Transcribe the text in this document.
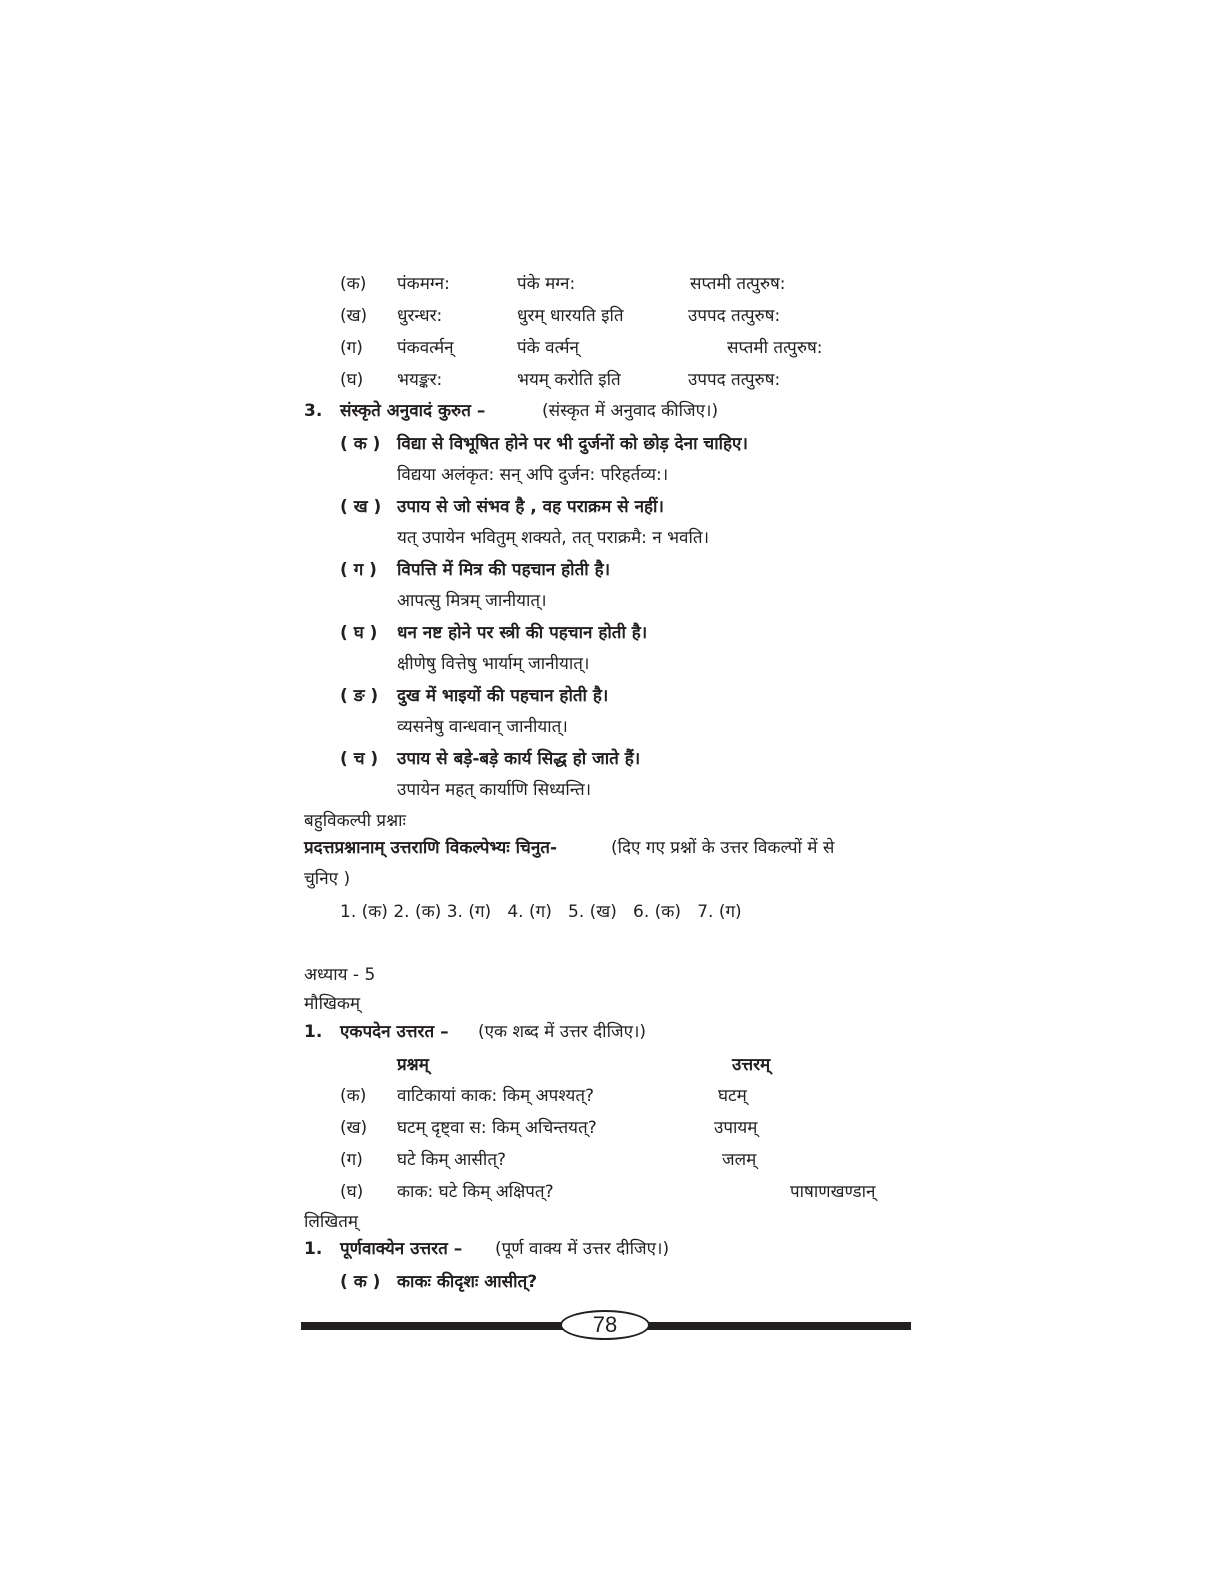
(क) पंकमग्न:	पंके मग्न:	सप्तमी तत्पुरुष:
(ख) धुरन्धर:	धुरम् धारयति इति	उपपद तत्पुरुष:
(ग) पंकवर्त्मन्	पंके वर्त्मन्	सप्तमी तत्पुरुष:
(घ) भयङ्कर:	भयम् करोति इति	उपपद तत्पुरुष:
3. संस्कृते अनुवादं कुरुत –	(संस्कृत में अनुवाद कीजिए।)
( क ) विद्या से विभूषित होने पर भी दुर्जनों को छोड़ देना चाहिए।
विद्यया अलंकृत: सन् अपि दुर्जन: परिहर्तव्य:।
( ख ) उपाय से जो संभव है , वह पराक्रम से नहीं।
यत् उपायेन भवितुम् शक्यते, तत् पराक्रमै: न भवति।
( ग ) विपत्ति में मित्र की पहचान होती है।
आपत्सु मित्रम् जानीयात्।
( घ ) धन नष्ट होने पर स्त्री की पहचान होती है।
क्षीणेषु वित्तेषु भार्याम् जानीयात्।
( ङ ) दुख में भाइयों की पहचान होती है।
व्यसनेषु वान्धवान् जानीयात्।
( च ) उपाय से बड़े-बड़े कार्य सिद्ध हो जाते हैं।
उपायेन महत् कार्याणि सिध्यन्ति।
बहुविकल्पी प्रश्नाः
प्रदत्तप्रश्नानाम् उत्तराणि विकल्पेभ्यः चिनुत-	(दिए गए प्रश्नों के उत्तर विकल्पों में से
चुनिए )
1. (क) 2. (क) 3. (ग)   4. (ग)   5. (ख)   6. (क)   7. (ग)
अध्याय - 5
मौखिकम्
1. एकपदेन उत्तरत – (एक शब्द में उत्तर दीजिए।)
प्रश्नम्	उत्तरम्
(क) वाटिकायां काक: किम् अपश्यत्?	घटम्
(ख) घटम् दृष्ट्वा स: किम् अचिन्तयत्?	उपायम्
(ग) घटे किम् आसीत्?	जलम्
(घ) काक: घटे किम् अक्षिपत्?	पाषाणखण्डान्
लिखितम्
1. पूर्णवाक्येन उत्तरत – (पूर्ण वाक्य में उत्तर दीजिए।)
( क ) काकः कीदृशः आसीत्?
78
